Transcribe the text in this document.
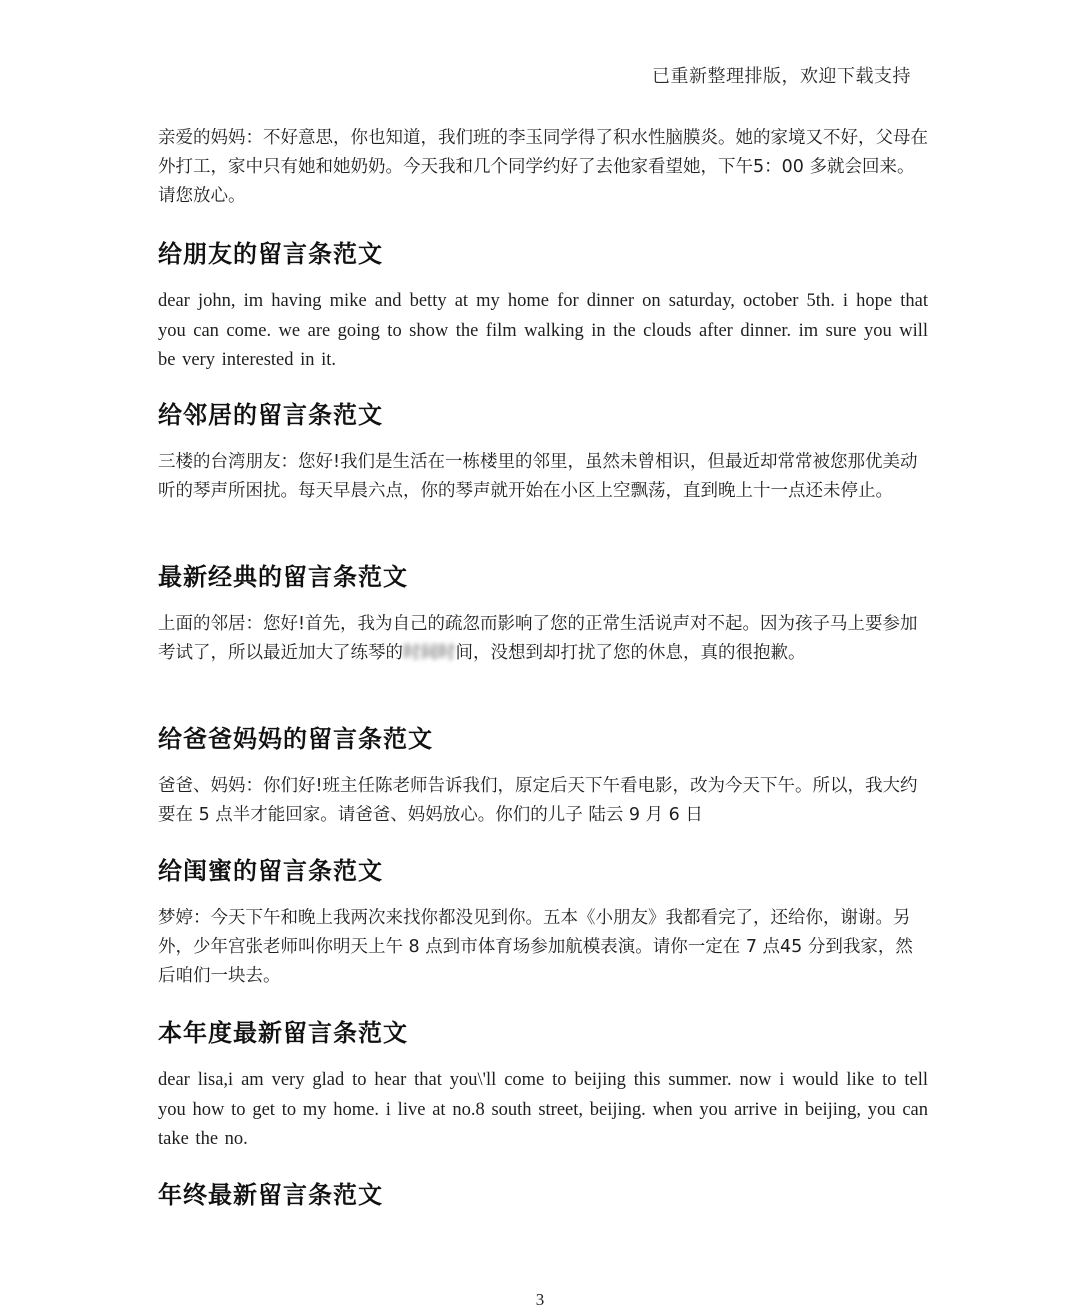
已重新整理排版，欢迎下载支持
亲爱的妈妈：不好意思，你也知道，我们班的李玉同学得了积水性脑膜炎。她的家境又不好，父母在外打工，家中只有她和她奶奶。今天我和几个同学约好了去他家看望她，下午5：00 多就会回来。请您放心。
给朋友的留言条范文
dear john, im having mike and betty at my home for dinner on saturday, october 5th. i hope that you can come. we are going to show the film walking in the clouds after dinner. im sure you will be very interested in it.
给邻居的留言条范文
三楼的台湾朋友：您好!我们是生活在一栋楼里的邻里，虽然未曾相识，但最近却常常被您那优美动听的琴声所困扰。每天早晨六点，你的琴声就开始在小区上空飘荡，直到晚上十一点还未停止。
最新经典的留言条范文
上面的邻居：您好!首先，我为自己的疏忽而影响了您的正常生活说声对不起。因为孩子马上要参加考试了，所以最近加大了练琴的时间时间，没想到却打扰了您的休息，真的很抱歉。
给爸爸妈妈的留言条范文
爸爸、妈妈：你们好!班主任陈老师告诉我们，原定后天下午看电影，改为今天下午。所以，我大约要在 5 点半才能回家。请爸爸、妈妈放心。你们的儿子 陆云 9 月 6 日
给闺蜜的留言条范文
梦婷：今天下午和晚上我两次来找你都没见到你。五本《小朋友》我都看完了，还给你，谢谢。另外，少年宫张老师叫你明天上午 8 点到市体育场参加航模表演。请你一定在 7 点45 分到我家，然后咱们一块去。
本年度最新留言条范文
dear lisa,i am very glad to hear that you\'ll come to beijing this summer. now i would like to tell you how to get to my home. i live at no.8 south street, beijing. when you arrive in beijing, you can take the no.
年终最新留言条范文
3
